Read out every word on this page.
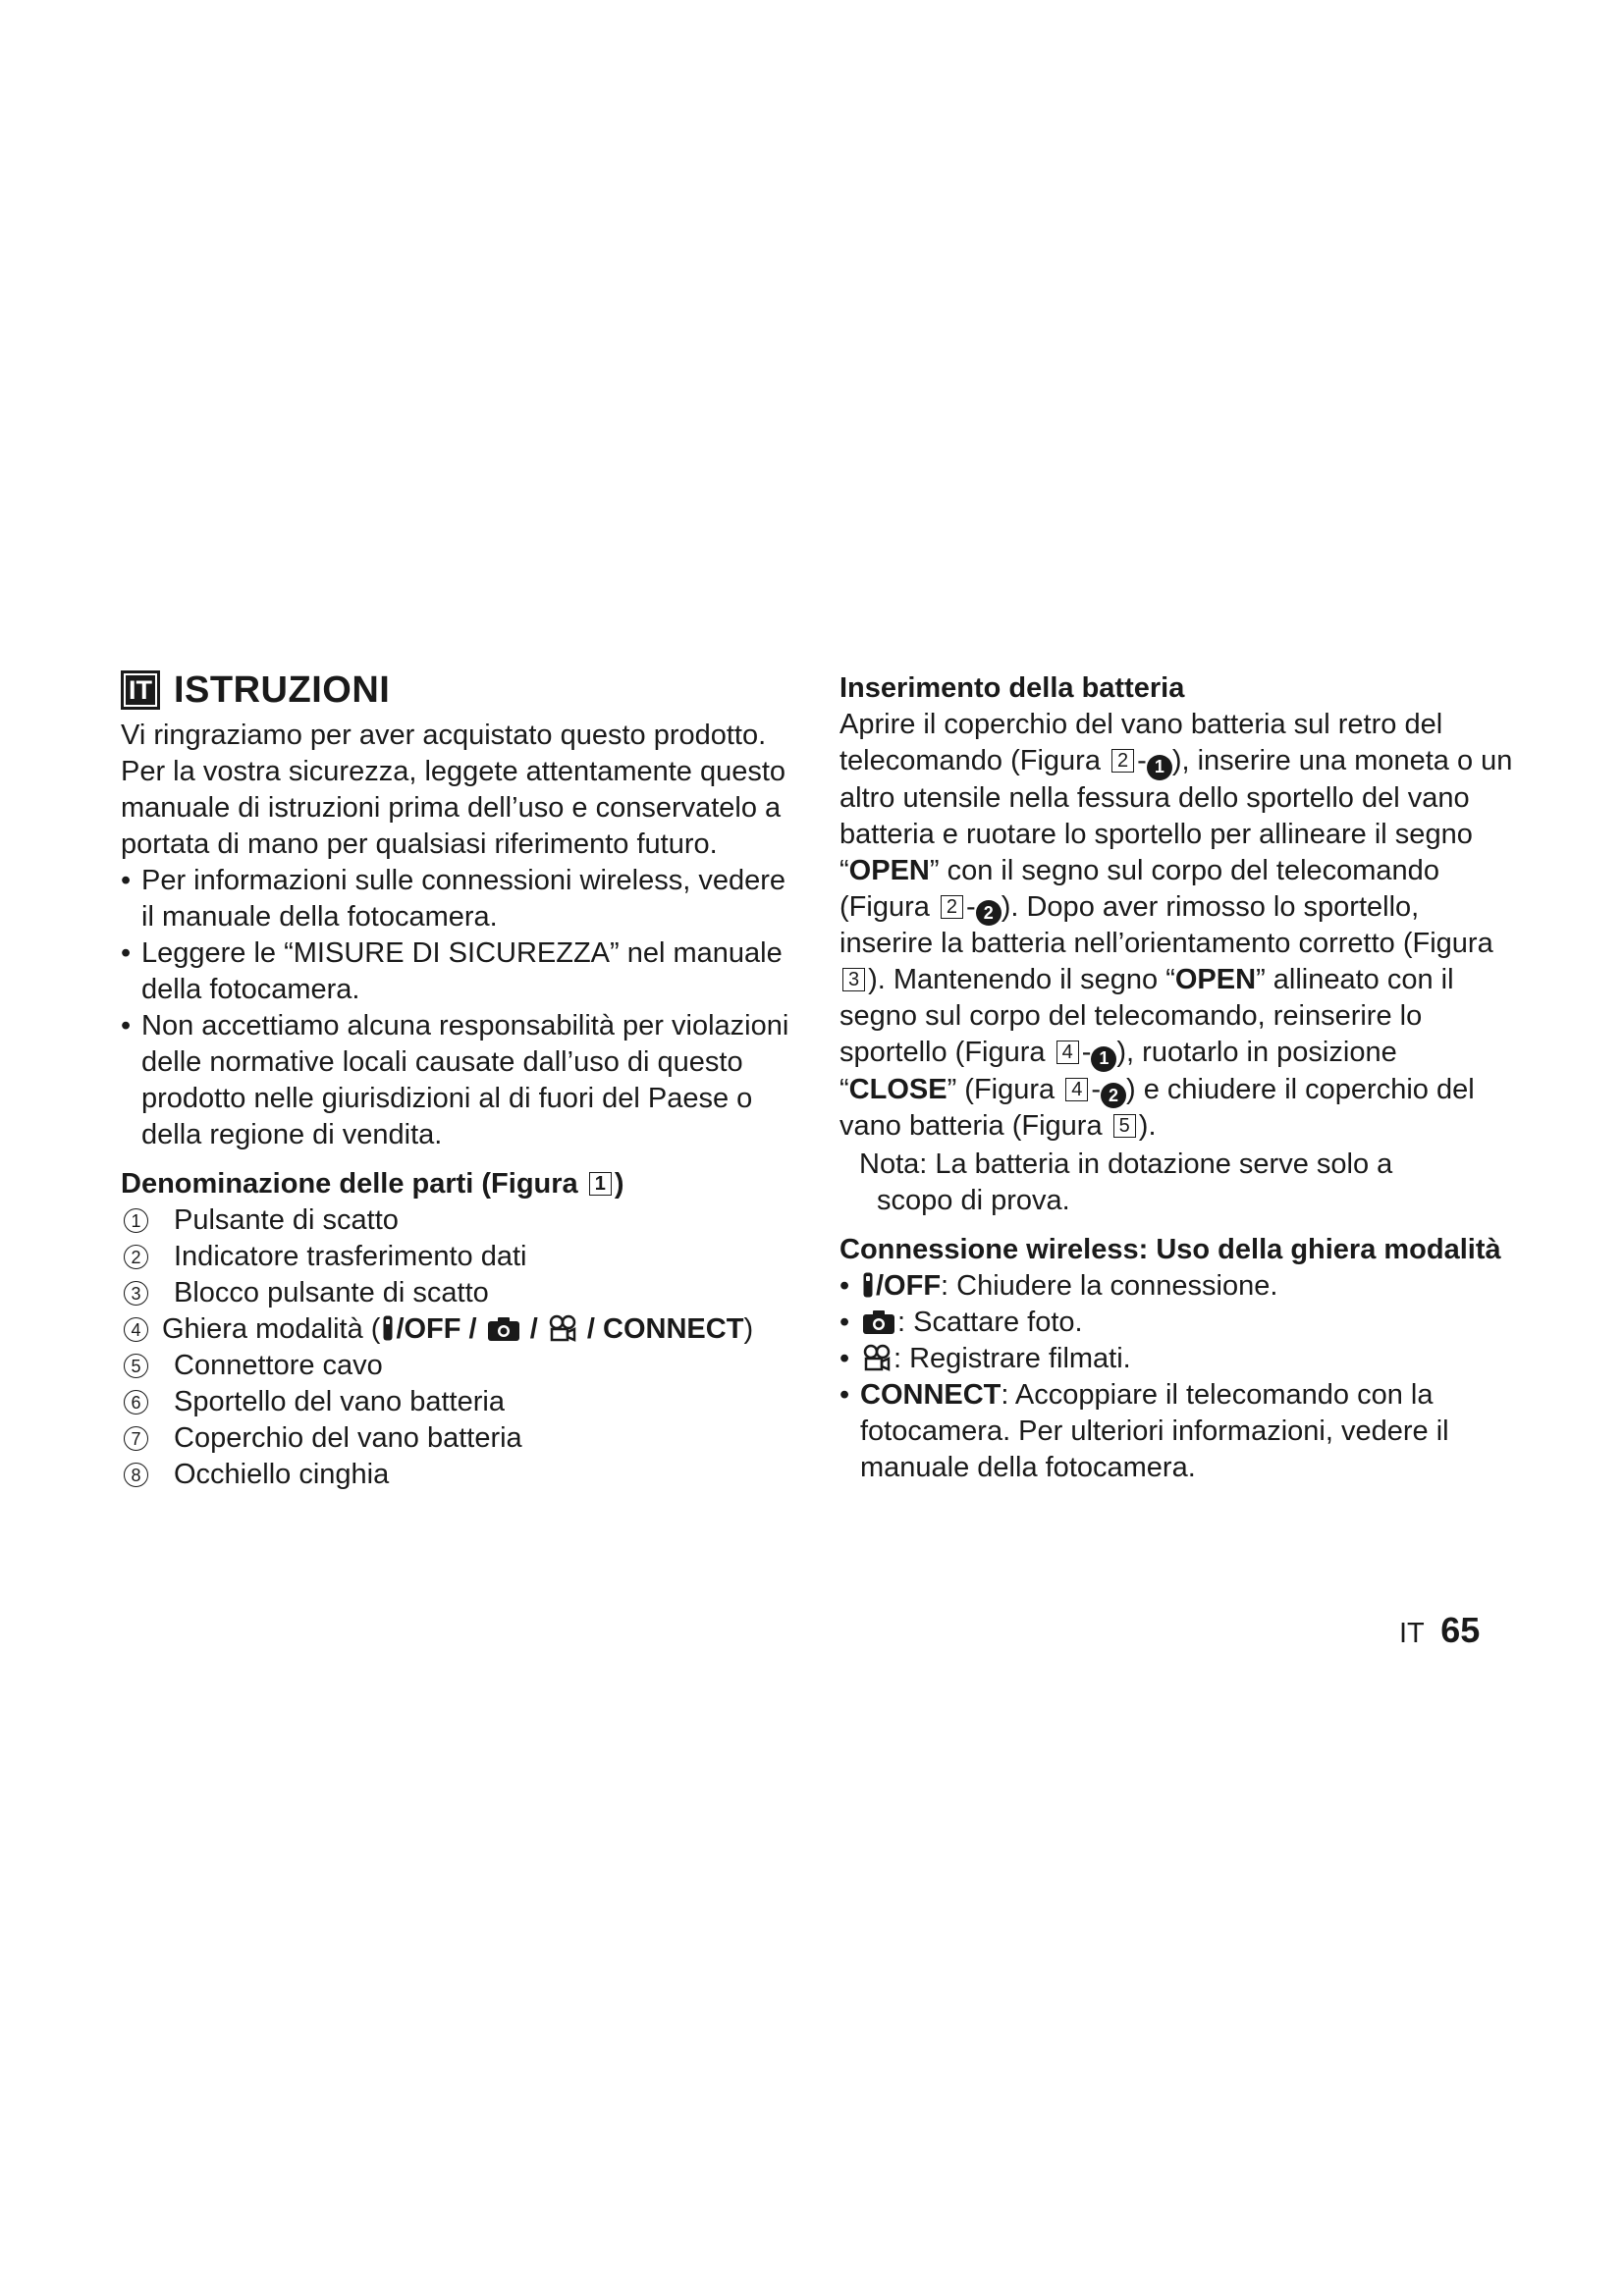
IT ISTRUZIONI

Vi ringraziamo per aver acquistato questo prodotto.

Per la vostra sicurezza, leggete attentamente questo manuale di istruzioni prima dell’uso e conservatelo a portata di mano per qualsiasi riferimento futuro.

• Per informazioni sulle connessioni wireless, vedere il manuale della fotocamera.
• Leggere le “MISURE DI SICUREZZA” nel manuale della fotocamera.
• Non accettiamo alcuna responsabilità per violazioni delle normative locali causate dall’uso di questo prodotto nelle giurisdizioni al di fuori del Paese o della regione di vendita.

Denominazione delle parti (Figura 1 )

1 Pulsante di scatto
2 Indicatore trasferimento dati
3 Blocco pulsante di scatto
4 Ghiera modalità ( /OFF / / / CONNECT)
5 Connettore cavo
6 Sportello del vano batteria
7 Coperchio del vano batteria
8 Occhiello cinghia

Inserimento della batteria

Aprire il coperchio del vano batteria sul retro del telecomando (Figura 2 - 1 ), inserire una moneta o un altro utensile nella fessura dello sportello del vano batteria e ruotare lo sportello per allineare il segno “OPEN” con il segno sul corpo del telecomando (Figura 2 - 2 ). Dopo aver rimosso lo sportello, inserire la batteria nell’orientamento corretto (Figura 3 ). Mantenendo il segno “OPEN” allineato con il segno sul corpo del telecomando, reinserire lo sportello (Figura 4 - 1 ), ruotarlo in posizione “CLOSE” (Figura 4 - 2 ) e chiudere il coperchio del vano batteria (Figura 5 ).

Nota: La batteria in dotazione serve solo a

scopo di prova.

Connessione wireless: Uso della ghiera modalità

• /OFF: Chiudere la connessione.
• : Scattare foto.
• : Registrare filmati.
• CONNECT: Accoppiare il telecomando con la fotocamera. Per ulteriori informazioni, vedere il manuale della fotocamera.
IT 65
